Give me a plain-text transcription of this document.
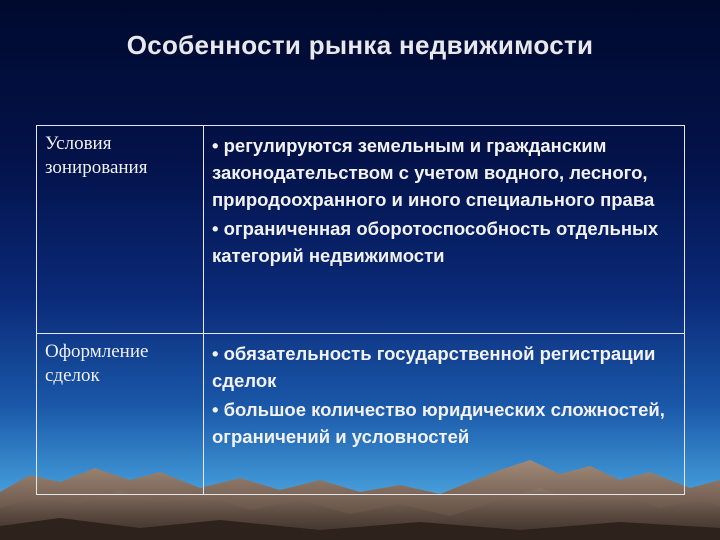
Особенности рынка недвижимости
Условия зонирования	• регулируются земельным и гражданским законодательством с учетом водного, лесного, природоохранного и иного специального права
• ограниченная оборотоспособность отдельных категорий недвижимости

Оформление сделок	• обязательность государственной регистрации сделок
• большое количество юридических сложностей, ограничений и условностей
